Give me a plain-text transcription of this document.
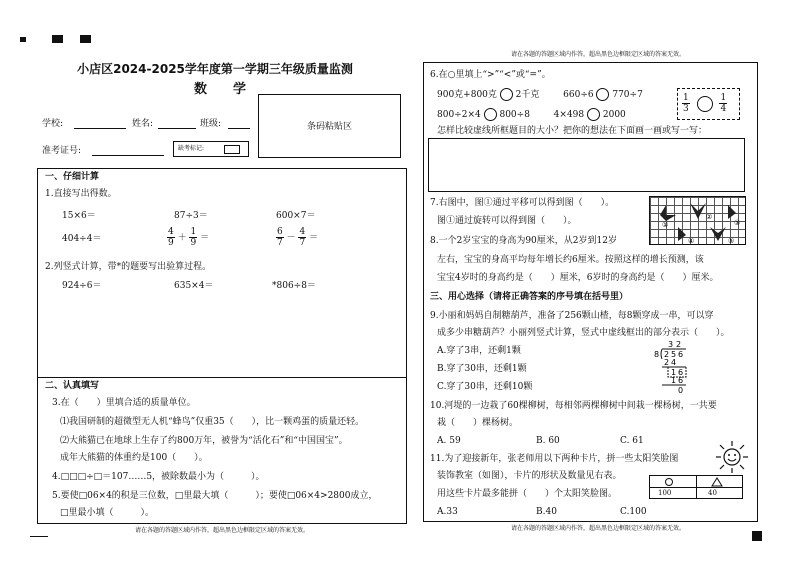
小店区2024-2025学年度第一学期三年级质量监测
数　　学
学校:	姓名:	班级:
准考证号:	缺考标记:
条码粘贴区
请在各题的答题区域内作答，超出黑色边框限定区域的答案无效。
一、仔细计算
1.直接写出得数。
15×6＝	87÷3＝	600×7＝
404÷4＝	$\frac{4}{9} + \frac{1}{9}$ ＝	$\frac{6}{7} - \frac{4}{7}$ ＝
2.列竖式计算，带*的题要写出验算过程。
924÷6＝	635×4＝	*806÷8＝
二、认真填写
3.在（　　）里填合适的质量单位。
⑴我国研制的超微型无人机“蜂鸟”仅重35（　　），比一颗鸡蛋的质量还轻。
⑵大熊猫已在地球上生存了约800万年，被誉为“活化石”和“中国国宝”。
成年大熊猫的体重约是100（　　）。
4.□□□÷□＝107……5，被除数最小为（　　　）。
5.要使□06×4的积是三位数，□里最大填（　　　）；要使□06×4>2800成立，
□里最小填（　　　）。
请在各题的答题区域内作答，超出黑色边框限定区域的答案无效。
请在各题的答题区域内作答，超出黑色边框限定区域的答案无效。
6.在○里填上“>”“<”或“=”。
900克+800克 2千克	660÷6 770÷7
800÷2×4 800÷8	4×498 2000
$\frac{1}{3}$
	$\frac{1}{4}$
怎样比较虚线所框题目的大小？把你的想法在下面画一画或写一写：
7.右图中，图①通过平移可以得到图（　　）。
图①通过旋转可以得到图（　　）。	①
②
③
④	⑤
8.一个2岁宝宝的身高为90厘米，从2岁到12岁
左右，宝宝的身高平均每年增长约6厘米。按照这样的增长预测，该
宝宝4岁时的身高约是（　　）厘米，6岁时的身高约是（　　）厘米。
三、用心选择（请将正确答案的序号填在括号里）
9.小丽和妈妈自制糖葫芦，准备了256颗山楂，每8颗穿成一串，可以穿
成多少串糖葫芦？小丽列竖式计算，竖式中虚线框出的部分表示（　　）。
A.穿了3串，还剩1颗
B.穿了30串，还剩1颗
C.穿了30串，还剩10颗
3 2
8 2 5 6
2 4
1 6
1 6
0
10.河堤的一边栽了60棵柳树，每相邻两棵柳树中间栽一棵杨树，一共要
栽（　　）棵杨树。
A. 59	B. 60	C. 61
11.为了迎接新年，张老师用以下两种卡片，拼一些太阳笑脸图
装饰教室（如图），卡片的形状及数量见右表。
用这些卡片最多能拼（　　）个太阳笑脸图。
A.33	B.40	C.100
100	40
